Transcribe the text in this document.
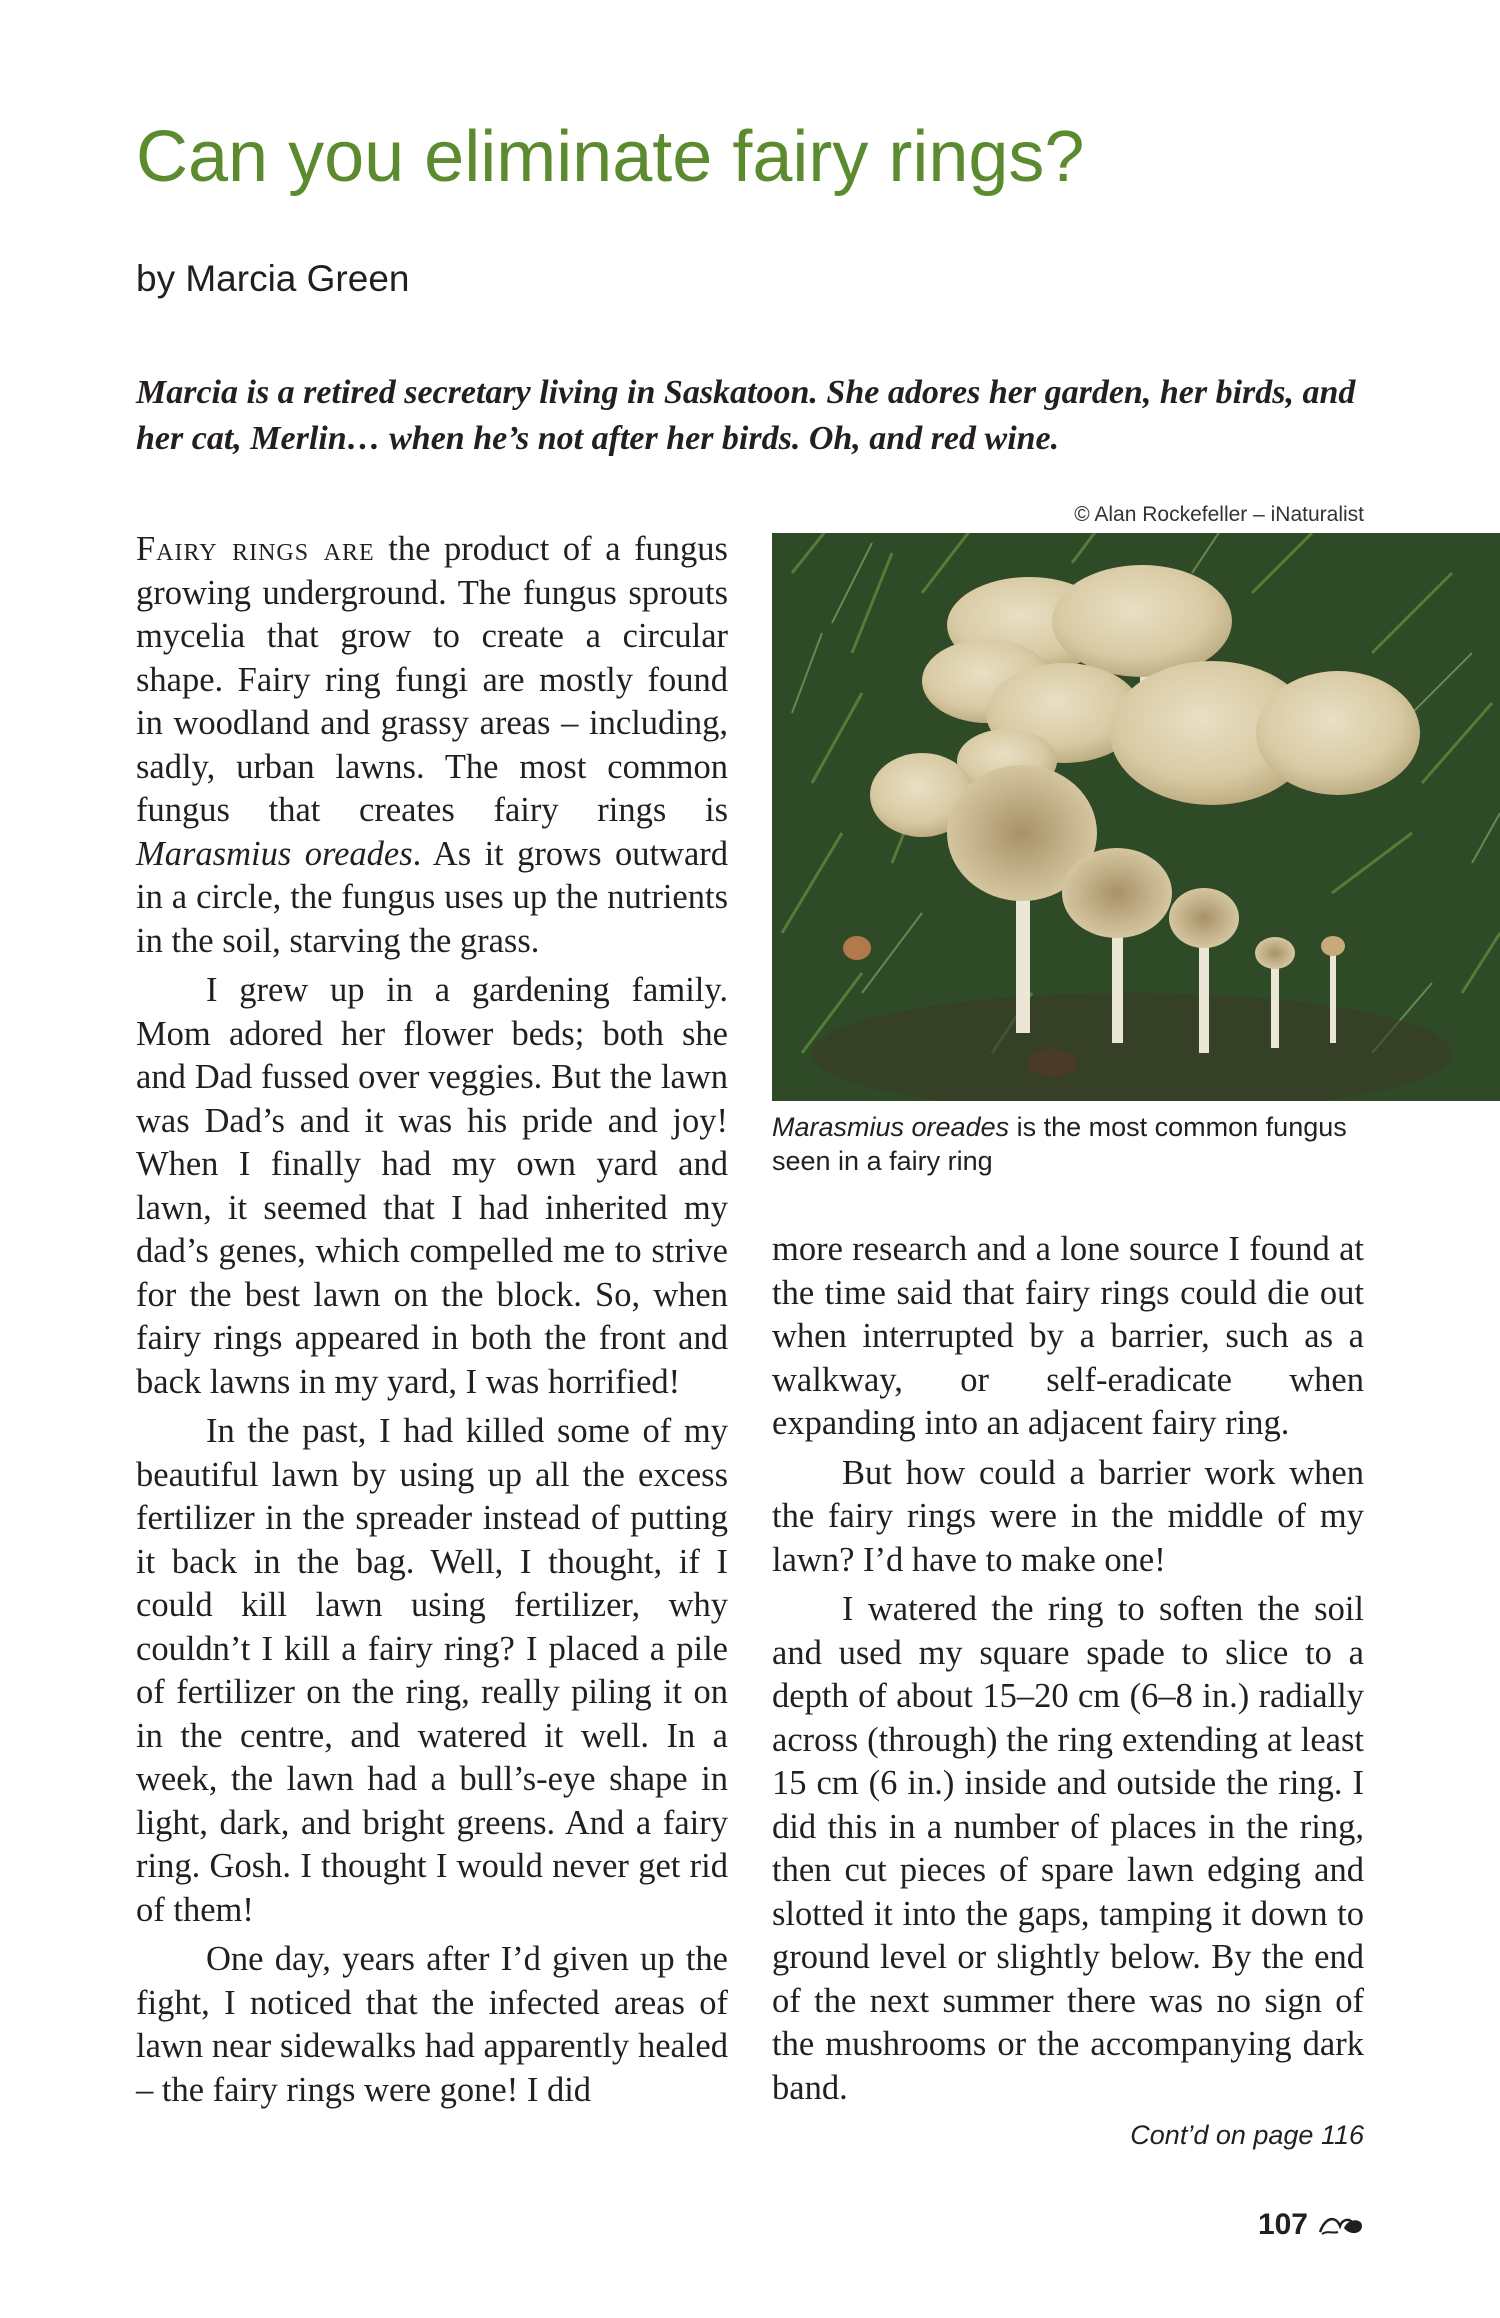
Can you eliminate fairy rings?
by Marcia Green
Marcia is a retired secretary living in Saskatoon. She adores her garden, her birds, and her cat, Merlin… when he’s not after her birds. Oh, and red wine.

Fairy rings are the product of a fungus growing underground. The fungus sprouts mycelia that grow to create a circular shape. Fairy ring fungi are mostly found in woodland and grassy areas – including, sadly, urban lawns. The most common fungus that creates fairy rings is Marasmius oreades. As it grows outward in a circle, the fungus uses up the nutrients in the soil, starving the grass.

I grew up in a gardening family. Mom adored her flower beds; both she and Dad fussed over veggies. But the lawn was Dad’s and it was his pride and joy! When I finally had my own yard and lawn, it seemed that I had inherited my dad’s genes, which compelled me to strive for the best lawn on the block. So, when fairy rings appeared in both the front and back lawns in my yard, I was horrified!

In the past, I had killed some of my beautiful lawn by using up all the excess fertilizer in the spreader instead of putting it back in the bag. Well, I thought, if I could kill lawn using fertilizer, why couldn’t I kill a fairy ring? I placed a pile of fertilizer on the ring, really piling it on in the centre, and watered it well. In a week, the lawn had a bull’s-eye shape in light, dark, and bright greens. And a fairy ring. Gosh. I thought I would never get rid of them!

One day, years after I’d given up the fight, I noticed that the infected areas of lawn near sidewalks had apparently healed – the fairy rings were gone! I did

© Alan Rockefeller – iNaturalist
Marasmius oreades is the most common fungus seen in a fairy ring

more research and a lone source I found at the time said that fairy rings could die out when interrupted by a barrier, such as a walkway, or self-eradicate when expanding into an adjacent fairy ring.

But how could a barrier work when the fairy rings were in the middle of my lawn? I’d have to make one!

I watered the ring to soften the soil and used my square spade to slice to a depth of about 15–20 cm (6–8 in.) radially across (through) the ring extending at least 15 cm (6 in.) inside and outside the ring. I did this in a number of places in the ring, then cut pieces of spare lawn edging and slotted it into the gaps, tamping it down to ground level or slightly below. By the end of the next summer there was no sign of the mushrooms or the accompanying dark band.

Cont’d on page 116
107
